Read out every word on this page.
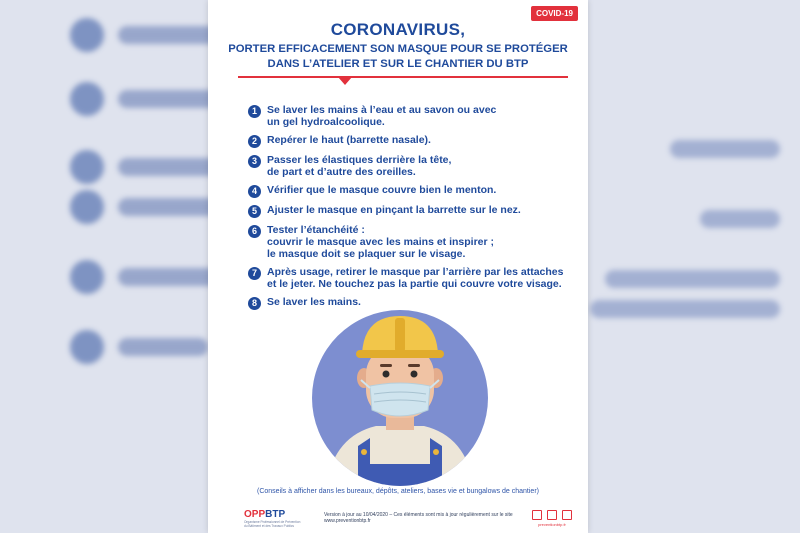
COVID-19
CORONAVIRUS,
PORTER EFFICACEMENT SON MASQUE POUR SE PROTÉGER
DANS L’ATELIER ET SUR LE CHANTIER DU BTP
1 Se laver les mains à l’eau et au savon ou avec
un gel hydroalcoolique.
2 Repérer le haut (barrette nasale).
3 Passer les élastiques derrière la tête,
de part et d’autre des oreilles.
4 Vérifier que le masque couvre bien le menton.
5 Ajuster le masque en pinçant la barrette sur le nez.
6 Tester l’étanchéité :
couvrir le masque avec les mains et inspirer ;
le masque doit se plaquer sur le visage.
7 Après usage, retirer le masque par l’arrière par les attaches
et le jeter. Ne touchez pas la partie qui couvre votre visage.
8 Se laver les mains.
(Conseils à afficher dans les bureaux, dépôts, ateliers, bases vie et bungalows de chantier)
OPPBTP
Organisme Professionnel de Prévention du Bâtiment et des Travaux Publics
Version à jour au 10/04/2020 – Ces éléments sont mis à jour régulièrement sur le site www.preventionbtp.fr	preventionbtp.fr
